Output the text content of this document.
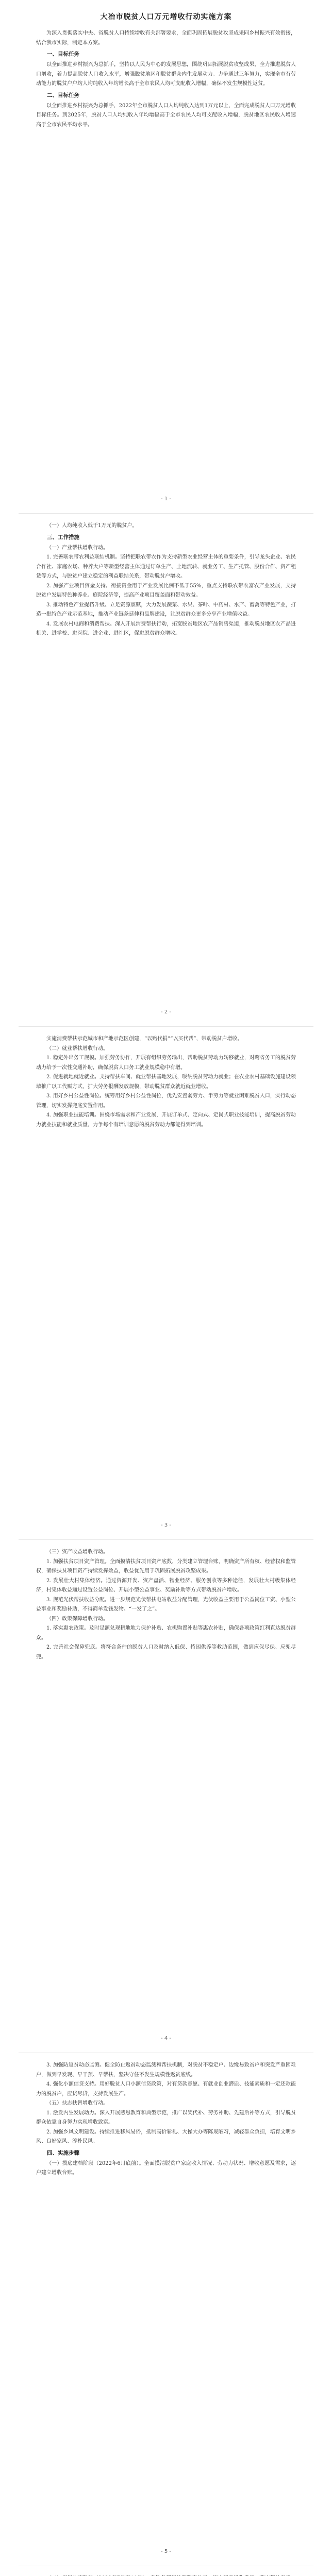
大冶市脱贫人口万元增收行动实施方案
为深入贯彻落实中央、省脱贫人口持续增收有关部署要求，全面巩固拓展脱贫攻坚成果同乡村振兴有效衔接，结合我市实际，制定本方案。
一、目标任务
以全面推进乡村振兴为总抓手，坚持以人民为中心的发展思想，围绕巩固拓展脱贫攻坚成果，全力推进脱贫人口增收，着力提高脱贫人口收入水平，增强脱贫地区和脱贫群众内生发展动力。力争通过三年努力，实现全市有劳动能力的脱贫户户均人均纯收入年均增长高于全市农民人均可支配收入增幅，确保不发生规模性返贫。
二、目标任务
以全面推进乡村振兴为总抓手，2022年全市脱贫人口人均纯收入达到1万元以上，全面完成脱贫人口万元增收目标任务。到2025年，脱贫人口人均纯收入年均增幅高于全市农民人均可支配收入增幅，脱贫地区农民收入增速高于全市农民平均水平。
- 1 -
（一）人均纯收入低于1万元的脱贫户。
三、工作措施
（一）产业帮扶增收行动。
1. 完善联农带农利益联结机制。坚持把联农带农作为支持新型农业经营主体的重要条件，引导龙头企业、农民合作社、家庭农场、种养大户等新型经营主体通过订单生产、土地流转、就业务工、生产托管、股份合作、资产租赁等方式，与脱贫户建立稳定的利益联结关系，带动脱贫户增收。
2. 加强产业项目资金支持。衔接资金用于产业发展比例不低于55%，重点支持联农带农富农产业发展，支持脱贫户发展特色种养业、庭院经济等，提高产业项目覆盖面和带动效益。
3. 推动特色产业提档升级。立足资源禀赋，大力发展蔬菜、水果、茶叶、中药材、水产、畜禽等特色产业，打造一批特色产业示范基地，推动产业链条延伸和品牌建设，让脱贫群众更多分享产业增值收益。
4. 发展农村电商和消费帮扶。深入开展消费帮扶行动，拓宽脱贫地区农产品销售渠道，推动脱贫地区农产品进机关、进学校、进医院、进企业、进社区，促进脱贫群众增收。
- 2 -
实施消费帮扶示范城市和产地示范区创建，“以购代捐”“以买代帮”，带动脱贫户增收。
（二）就业帮扶增收行动。
1. 稳定外出务工规模。加强劳务协作，开展有组织劳务输出，帮助脱贫劳动力转移就业，对跨省务工的脱贫劳动力给予一次性交通补助，确保脱贫人口务工就业规模稳中有增。
2. 促进就地就近就业。支持帮扶车间、就业帮扶基地发展，吸纳脱贫劳动力就业；在农业农村基础设施建设领域推广以工代赈方式，扩大劳务报酬发放规模，带动脱贫群众就近就业增收。
3. 用好乡村公益性岗位。统筹用好乡村公益性岗位，优先安置弱劳力、半劳力等就业困难脱贫人口，实行动态管理，切实发挥兜底安置作用。
4. 加强职业技能培训。围绕市场需求和产业发展，开展订单式、定向式、定岗式职业技能培训，提高脱贫劳动力就业技能和就业质量，力争每个有培训意愿的脱贫劳动力都能得到培训。
- 3 -
（三）资产收益增收行动。
1. 加强扶贫项目资产管理。全面摸清扶贫项目资产底数，分类建立管理台账，明确资产所有权、经营权和监管权，确保扶贫项目资产持续发挥效益，收益优先用于巩固拓展脱贫攻坚成果。
2. 发展壮大村集体经济。通过资源开发、资产盘活、物业经济、服务创收等多种途径，发展壮大村级集体经济，村集体收益通过设置公益岗位、开展小型公益事业、奖励补助等方式带动脱贫户增收。
3. 规范光伏帮扶收益分配。进一步规范光伏帮扶电站收益分配管理，光伏收益主要用于公益岗位工资、小型公益事业和奖励补助，不得简单发钱发物、“一发了之”。
（四）政策保障增收行动。
1. 落实惠农政策。及时足额兑现耕地地力保护补贴、农机购置补贴等惠农补贴，确保各项政策红利直达脱贫群众。
2. 完善社会保障兜底。将符合条件的脱贫人口及时纳入低保、特困供养等救助范围，做到应保尽保、应兜尽兜。
- 4 -
3. 加强防返贫动态监测。健全防止返贫动态监测和帮扶机制，对脱贫不稳定户、边缘易致贫户和突发严重困难户，做到早发现、早干预、早帮扶，坚决守住不发生规模性返贫底线。
4. 强化小额信贷支持。用好脱贫人口小额信贷政策，对有贷款意愿、有就业创业潜质、技能素质和一定还款能力的脱贫户，应贷尽贷，支持发展生产。
（五）扶志扶智增收行动。
1. 激发内生发展动力。深入开展感恩教育和典型示范，推广以奖代补、劳务补助、先建后补等方式，引导脱贫群众依靠自身努力实现增收致富。
2. 加强乡风文明建设。持续推进移风易俗，抵制高价彩礼、大操大办等陈规陋习，减轻群众负担，培育文明乡风、良好家风、淳朴民风。
四、实施步骤
（一）摸底建档阶段（2022年6月底前）。全面摸清脱贫户家庭收入情况、劳动力状况、增收意愿及需求，逐户建立增收台账。
- 5 -
